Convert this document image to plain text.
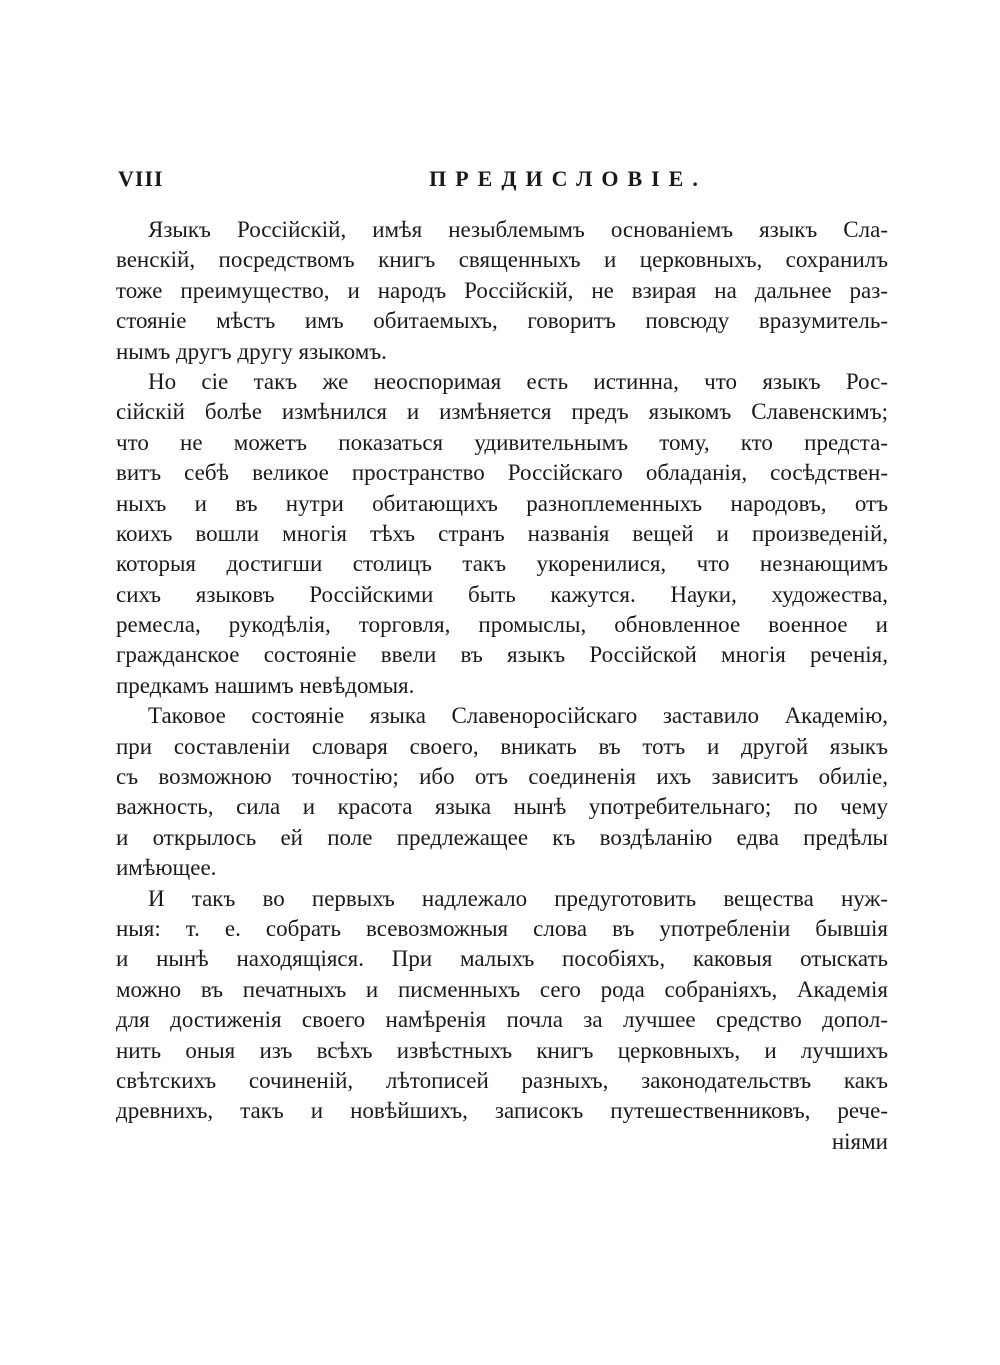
VIII	ПРЕДИСЛОВIЕ.
Языкъ Россiйскiй, имѣя незыблемымъ основанiемъ языкъ Сла-
венскiй, посредствомъ книгъ священныхъ и церковныхъ, сохранилъ
тоже преимущество, и народъ Россiйскiй, не взирая на дальнее раз-
стоянiе мѣстъ имъ обитаемыхъ, говоритъ повсюду вразумитель-
нымъ другъ другу языкомъ.
Но сiе такъ же неоспоримая есть истинна, что языкъ Рос-
сiйскiй болѣе измѣнился и измѣняется предъ языкомъ Славенскимъ;
что не можетъ показаться удивительнымъ тому, кто предста-
витъ себѣ великое пространство Россiйскаго обладанiя, сосѣдствен-
ныхъ и въ нутри обитающихъ разноплеменныхъ народовъ, отъ
коихъ вошли многiя тѣхъ странъ названiя вещей и произведенiй,
которыя достигши столицъ такъ укоренилися, что незнающимъ
сихъ языковъ Россiйскими быть кажутся. Науки, художества,
ремесла, рукодѣлiя, торговля, промыслы, обновленное военное и
гражданское состоянiе ввели въ языкъ Россiйской многiя реченiя,
предкамъ нашимъ невѣдомыя.
Таковое состоянiе языка Славеноросiйскаго заставило Академiю,
при составленiи словаря своего, вникать въ тотъ и другой языкъ
съ возможною точностiю; ибо отъ соединенiя ихъ зависитъ обилiе,
важность, сила и красота языка нынѣ употребительнаго; по чему
и открылось ей поле предлежащее къ воздѣланiю едва предѣлы
имѣющее.
И такъ во первыхъ надлежало предуготовить вещества нуж-
ныя: т. е. собрать всевозможныя слова въ употребленiи бывшiя
и нынѣ находящiяся. При малыхъ пособiяхъ, каковыя отыскать
можно въ печатныхъ и писменныхъ сего рода собранiяхъ, Академiя
для достиженiя своего намѣренiя почла за лучшее средство допол-
нить оныя изъ всѣхъ извѣстныхъ книгъ церковныхъ, и лучшихъ
свѣтскихъ сочиненiй, лѣтописей разныхъ, законодательствъ какъ
древнихъ, такъ и новѣйшихъ, записокъ путешественниковъ, рече-
нiями
